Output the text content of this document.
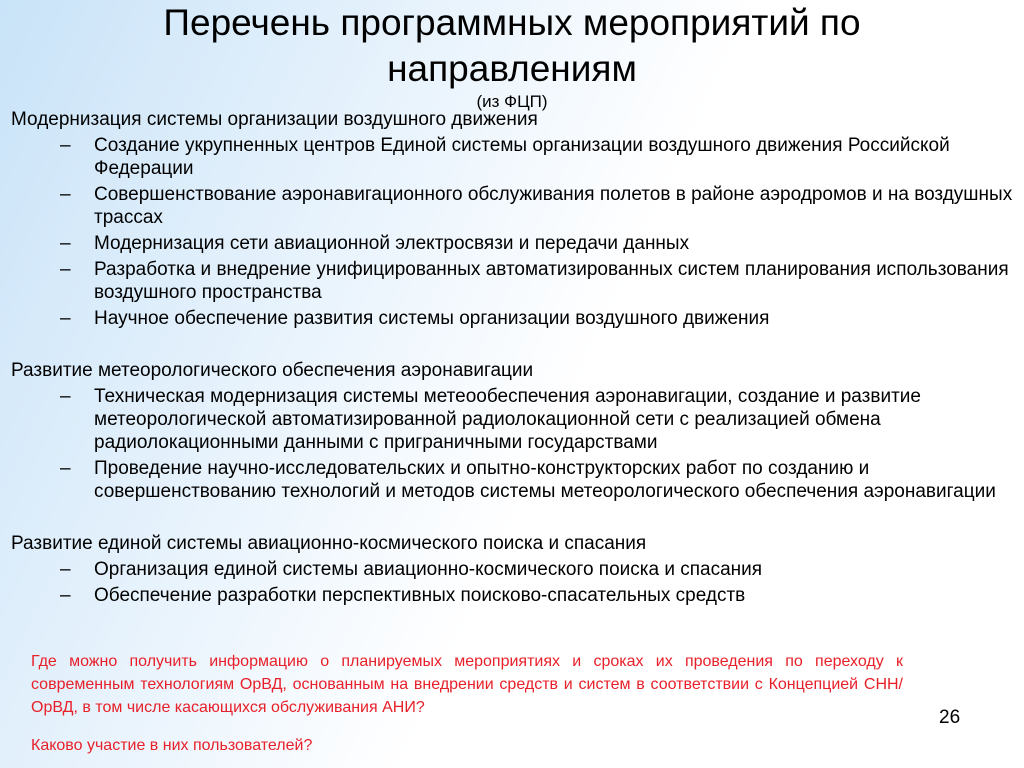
Перечень программных мероприятий по
направлениям
(из ФЦП)

Модернизация системы организации воздушного движения

– Создание укрупненных центров Единой системы организации воздушного движения Российской Федерации
– Совершенствование аэронавигационного обслуживания полетов в районе аэродромов и на воздушных трассах
– Модернизация сети авиационной электросвязи и передачи данных
– Разработка и внедрение унифицированных автоматизированных систем планирования использования воздушного пространства
– Научное обеспечение развития системы организации воздушного движения

Развитие метеорологического обеспечения аэронавигации

– Техническая модернизация системы метеообеспечения аэронавигации, создание и развитие метеорологической автоматизированной радиолокационной сети с реализацией обмена радиолокационными данными с приграничными государствами
– Проведение научно-исследовательских и опытно-конструкторских работ по созданию и совершенствованию технологий и методов системы метеорологического обеспечения аэронавигации

Развитие единой системы авиационно-космического поиска и спасания

– Организация единой системы авиационно-космического поиска и спасания
– Обеспечение разработки перспективных поисково-спасательных средств
Где можно получить информацию о планируемых мероприятиях и сроках их проведения по переходу к современным технологиям ОрВД, основанным на внедрении средств и систем в соответствии с Концепцией СНН/ОрВД, в том числе касающихся обслуживания АНИ?
Каково участие в них пользователей?
26
